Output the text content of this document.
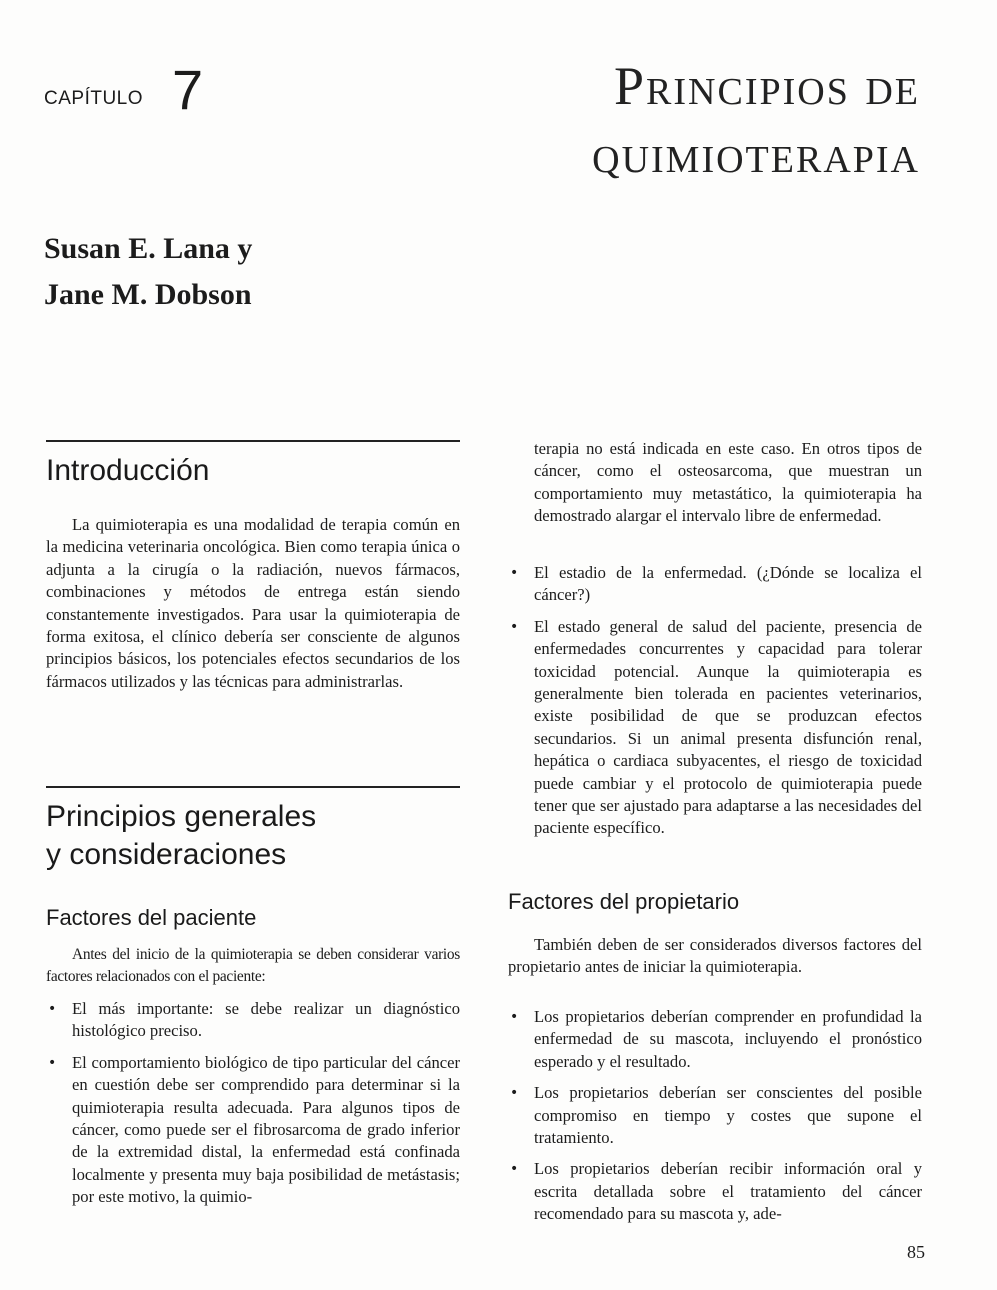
CAPÍTULO 7	Principios de
quimioterapia
Susan E. Lana y
Jane M. Dobson
Introducción

La quimioterapia es una modalidad de terapia común en la medicina veterinaria oncológica. Bien como terapia única o adjunta a la cirugía o la radiación, nuevos fármacos, combinaciones y métodos de entrega están siendo constantemente investigados. Para usar la quimioterapia de forma exitosa, el clínico debería ser consciente de algunos principios básicos, los potenciales efectos secundarios de los fármacos utilizados y las técnicas para administrarlas.

Principios generales
y consideraciones
Factores del paciente

Antes del inicio de la quimioterapia se deben considerar varios factores relacionados con el paciente:

• El más importante: se debe realizar un diagnóstico histológico preciso.
• El comportamiento biológico de tipo particular del cáncer en cuestión debe ser comprendido para determinar si la quimioterapia resulta adecuada. Para algunos tipos de cáncer, como puede ser el fibrosarcoma de grado inferior de la extremidad distal, la enfermedad está confinada localmente y presenta muy baja posibilidad de metástasis; por este motivo, la quimio-

terapia no está indicada en este caso. En otros tipos de cáncer, como el osteosarcoma, que muestran un comportamiento muy metastático, la quimioterapia ha demostrado alargar el intervalo libre de enfermedad.

• El estadio de la enfermedad. (¿Dónde se localiza el cáncer?)
• El estado general de salud del paciente, presencia de enfermedades concurrentes y capacidad para tolerar toxicidad potencial. Aunque la quimioterapia es generalmente bien tolerada en pacientes veterinarios, existe posibilidad de que se produzcan efectos secundarios. Si un animal presenta disfunción renal, hepática o cardiaca subyacentes, el riesgo de toxicidad puede cambiar y el protocolo de quimioterapia puede tener que ser ajustado para adaptarse a las necesidades del paciente específico.
Factores del propietario

También deben de ser considerados diversos factores del propietario antes de iniciar la quimioterapia.

• Los propietarios deberían comprender en profundidad la enfermedad de su mascota, incluyendo el pronóstico esperado y el resultado.
• Los propietarios deberían ser conscientes del posible compromiso en tiempo y costes que supone el tratamiento.
• Los propietarios deberían recibir información oral y escrita detallada sobre el tratamiento del cáncer recomendado para su mascota y, ade-
85
